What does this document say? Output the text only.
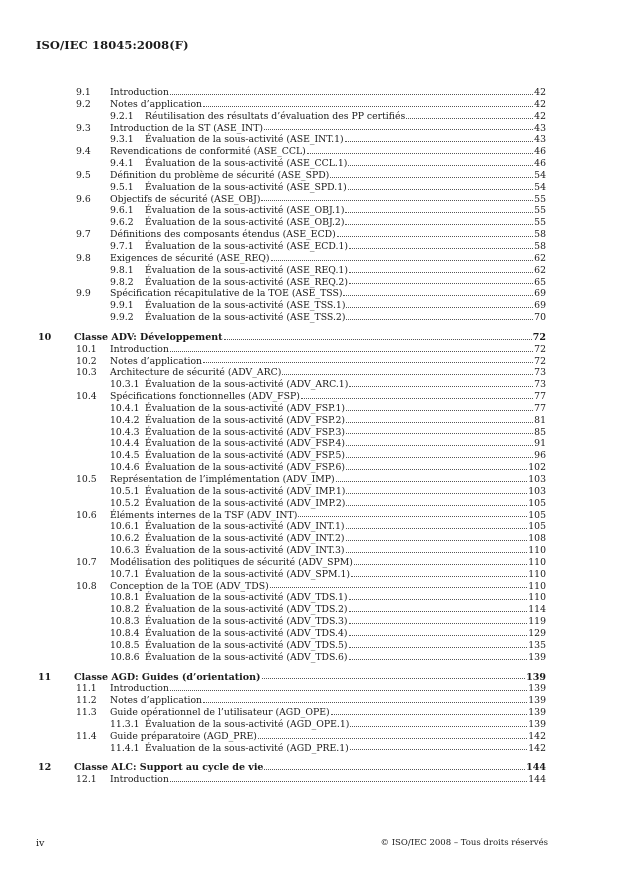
ISO/IEC 18045:2008(F)
9.1 Introduction	42
9.2 Notes d’application	42
9.2.1 Réutilisation des résultats d’évaluation des PP certifiés	42
9.3 Introduction de la ST (ASE_INT)	43
9.3.1 Évaluation de la sous-activité (ASE_INT.1)	43
9.4 Revendications de conformité (ASE_CCL)	46
9.4.1 Évaluation de la sous-activité (ASE_CCL.1)	46
9.5 Définition du problème de sécurité (ASE_SPD)	54
9.5.1 Évaluation de la sous-activité (ASE_SPD.1)	54
9.6 Objectifs de sécurité (ASE_OBJ)	55
9.6.1 Évaluation de la sous-activité (ASE_OBJ.1)	55
9.6.2 Évaluation de la sous-activité (ASE_OBJ.2)	55
9.7 Définitions des composants étendus (ASE_ECD)	58
9.7.1 Évaluation de la sous-activité (ASE_ECD.1)	58
9.8 Exigences de sécurité (ASE_REQ)	62
9.8.1 Évaluation de la sous-activité (ASE_REQ.1)	62
9.8.2 Évaluation de la sous-activité (ASE_REQ.2)	65
9.9 Spécification récapitulative de la TOE (ASE_TSS)	69
9.9.1 Évaluation de la sous-activité (ASE_TSS.1)	69
9.9.2 Évaluation de la sous-activité (ASE_TSS.2)	70
10 Classe ADV: Développement	72
10.1 Introduction	72
10.2 Notes d’application	72
10.3 Architecture de sécurité (ADV_ARC)	73
10.3.1 Évaluation de la sous-activité (ADV_ARC.1)	73
10.4 Spécifications fonctionnelles (ADV_FSP)	77
10.4.1 Évaluation de la sous-activité (ADV_FSP.1)	77
10.4.2 Évaluation de la sous-activité (ADV_FSP.2)	81
10.4.3 Évaluation de la sous-activité (ADV_FSP.3)	85
10.4.4 Évaluation de la sous-activité (ADV_FSP.4)	91
10.4.5 Évaluation de la sous-activité (ADV_FSP.5)	96
10.4.6 Évaluation de la sous-activité (ADV_FSP.6)	102
10.5 Représentation de l’implémentation (ADV_IMP)	103
10.5.1 Évaluation de la sous-activité (ADV_IMP.1)	103
10.5.2 Évaluation de la sous-activité (ADV_IMP.2)	105
10.6 Éléments internes de la TSF (ADV_INT)	105
10.6.1 Évaluation de la sous-activité (ADV_INT.1)	105
10.6.2 Évaluation de la sous-activité (ADV_INT.2)	108
10.6.3 Évaluation de la sous-activité (ADV_INT.3)	110
10.7 Modélisation des politiques de sécurité (ADV_SPM)	110
10.7.1 Évaluation de la sous-activité (ADV_SPM.1)	110
10.8 Conception de la TOE (ADV_TDS)	110
10.8.1 Évaluation de la sous-activité (ADV_TDS.1)	110
10.8.2 Évaluation de la sous-activité (ADV_TDS.2)	114
10.8.3 Évaluation de la sous-activité (ADV_TDS.3)	119
10.8.4 Évaluation de la sous-activité (ADV_TDS.4)	129
10.8.5 Évaluation de la sous-activité (ADV_TDS.5)	135
10.8.6 Évaluation de la sous-activité (ADV_TDS.6)	139
11 Classe AGD: Guides (d’orientation)	139
11.1 Introduction	139
11.2 Notes d’application	139
11.3 Guide opérationnel de l’utilisateur (AGD_OPE)	139
11.3.1 Évaluation de la sous-activité (AGD_OPE.1)	139
11.4 Guide préparatoire (AGD_PRE)	142
11.4.1 Évaluation de la sous-activité (AGD_PRE.1)	142
12 Classe ALC: Support au cycle de vie	144
12.1 Introduction	144
iv	© ISO/IEC 2008 – Tous droits réservés
